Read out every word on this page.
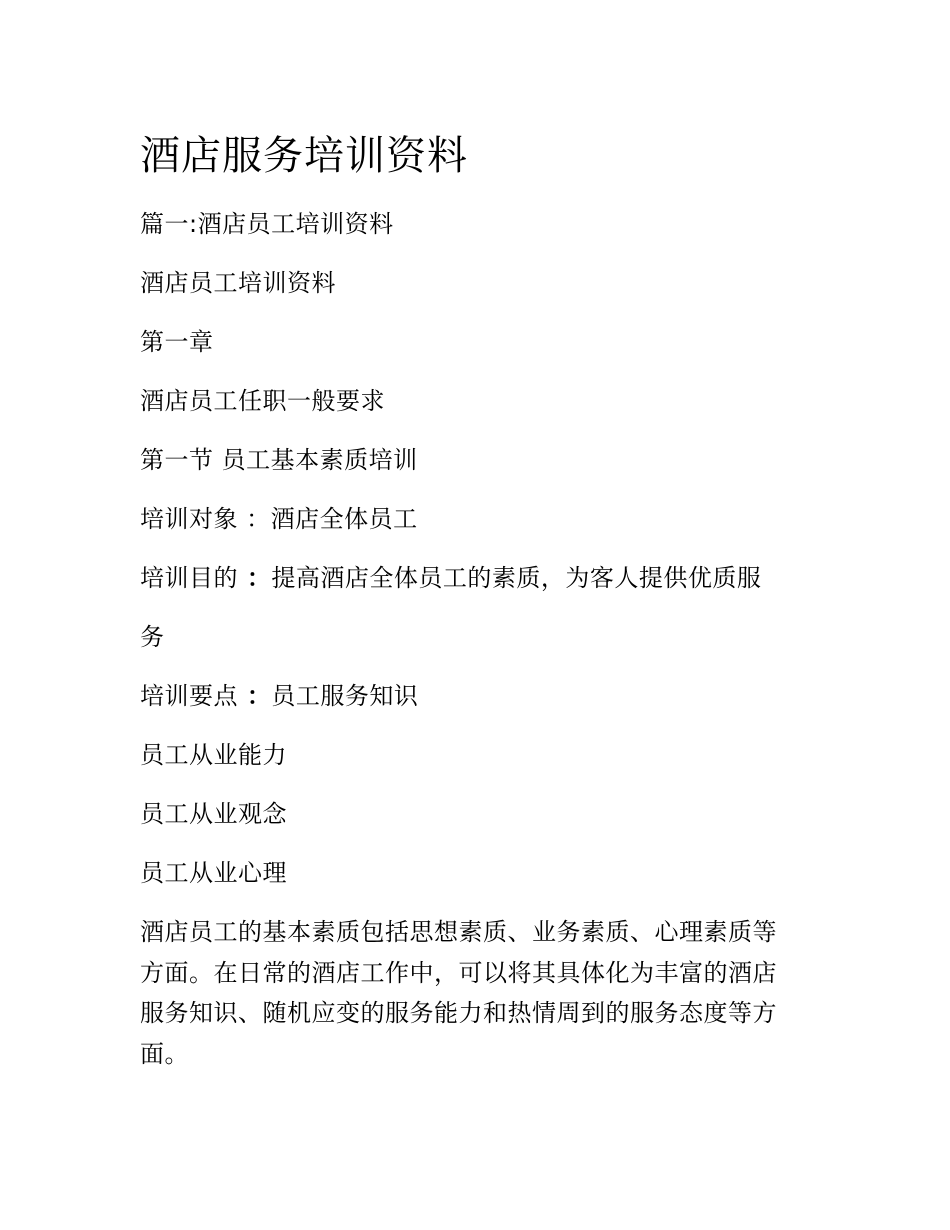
酒店服务培训资料

篇一:酒店员工培训资料

酒店员工培训资料

第一章

酒店员工任职一般要求

第一节 员工基本素质培训

培训对象 ：酒店全体员工

培训目的 ：提高酒店全体员工的素质，为客人提供优质服

务

培训要点 ：员工服务知识

员工从业能力

员工从业观念

员工从业心理

酒店员工的基本素质包括思想素质、业务素质、心理素质等方面。在日常的酒店工作中，可以将其具体化为丰富的酒店服务知识、随机应变的服务能力和热情周到的服务态度等方面。
